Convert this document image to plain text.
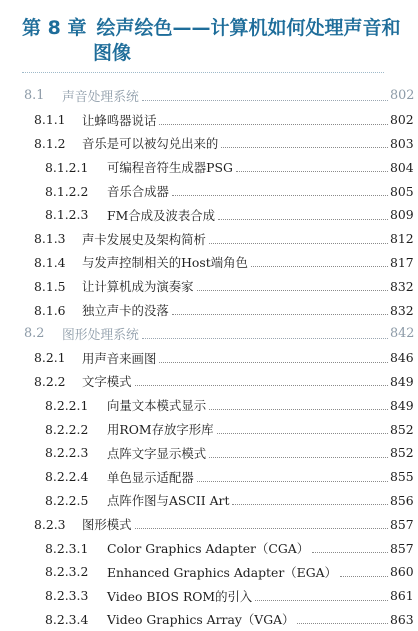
第 8 章 绘声绘色——计算机如何处理声音和
图像
8.1	声音处理系统	802
8.1.1	让蜂鸣器说话	802
8.1.2	音乐是可以被勾兑出来的	803
8.1.2.1	可编程音符生成器PSG	804
8.1.2.2	音乐合成器	805
8.1.2.3	FM合成及波表合成	809
8.1.3	声卡发展史及架构简析	812
8.1.4	与发声控制相关的Host端角色	817
8.1.5	让计算机成为演奏家	832
8.1.6	独立声卡的没落	832
8.2	图形处理系统	842
8.2.1	用声音来画图	846
8.2.2	文字模式	849
8.2.2.1	向量文本模式显示	849
8.2.2.2	用ROM存放字形库	852
8.2.2.3	点阵文字显示模式	852
8.2.2.4	单色显示适配器	855
8.2.2.5	点阵作图与ASCII Art	856
8.2.3	图形模式	857
8.2.3.1	Color Graphics Adapter（CGA）	857
8.2.3.2	Enhanced Graphics Adapter（EGA）	860
8.2.3.3	Video BIOS ROM的引入	861
8.2.3.4	Video Graphics Array（VGA）	863
